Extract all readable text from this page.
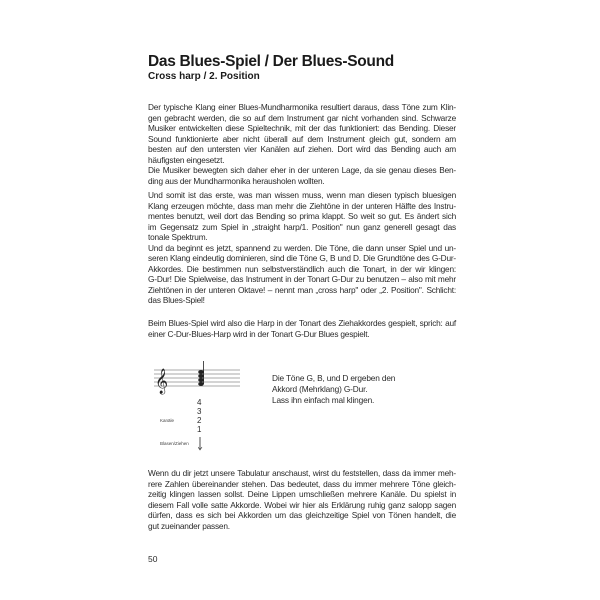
Das Blues-Spiel / Der Blues-Sound
Cross harp / 2. Position
Der typische Klang einer Blues-Mundharmonika resultiert daraus, dass Töne zum Klin-
gen gebracht werden, die so auf dem Instrument gar nicht vorhanden sind. Schwarze
Musiker entwickelten diese Spieltechnik, mit der das funktioniert: das Bending. Dieser
Sound funktionierte aber nicht überall auf dem Instrument gleich gut, sondern am
besten auf den untersten vier Kanälen auf ziehen. Dort wird das Bending auch am
häufigsten eingesetzt.
Die Musiker bewegten sich daher eher in der unteren Lage, da sie genau dieses Ben-
ding aus der Mundharmonika herausholen wollten.
Und somit ist das erste, was man wissen muss, wenn man diesen typisch bluesigen
Klang erzeugen möchte, dass man mehr die Ziehtöne in der unteren Hälfte des Instru-
mentes benutzt, weil dort das Bending so prima klappt. So weit so gut. Es ändert sich
im Gegensatz zum Spiel in „straight harp/1. Position" nun ganz generell gesagt das
tonale Spektrum.
Und da beginnt es jetzt, spannend zu werden. Die Töne, die dann unser Spiel und un-
seren Klang eindeutig dominieren, sind die Töne G, B und D. Die Grundtöne des G-Dur-
Akkordes. Die bestimmen nun selbstverständlich auch die Tonart, in der wir klingen:
G-Dur! Die Spielweise, das Instrument in der Tonart G-Dur zu benutzen – also mit mehr
Ziehtönen in der unteren Oktave! – nennt man „cross harp" oder „2. Position". Schlicht:
das Blues-Spiel!
Beim Blues-Spiel wird also die Harp in der Tonart des Ziehakkordes gespielt, sprich: auf
einer C-Dur-Blues-Harp wird in der Tonart G-Dur Blues gespielt.
Wenn du dir jetzt unsere Tabulatur anschaust, wirst du feststellen, dass da immer meh-
rere Zahlen übereinander stehen. Das bedeutet, dass du immer mehrere Töne gleich-
zeitig klingen lassen sollst. Deine Lippen umschließen mehrere Kanäle. Du spielst in
diesem Fall volle satte Akkorde. Wobei wir hier als Erklärung ruhig ganz salopp sagen
dürfen, dass es sich bei Akkorden um das gleichzeitige Spiel von Tönen handelt, die
gut zueinander passen.
𝄞
4
3
2
1
Kanäle
Blasen/Ziehen
Die Töne G, B, und D ergeben den
Akkord (Mehrklang) G-Dur.
Lass ihn einfach mal klingen.
50
